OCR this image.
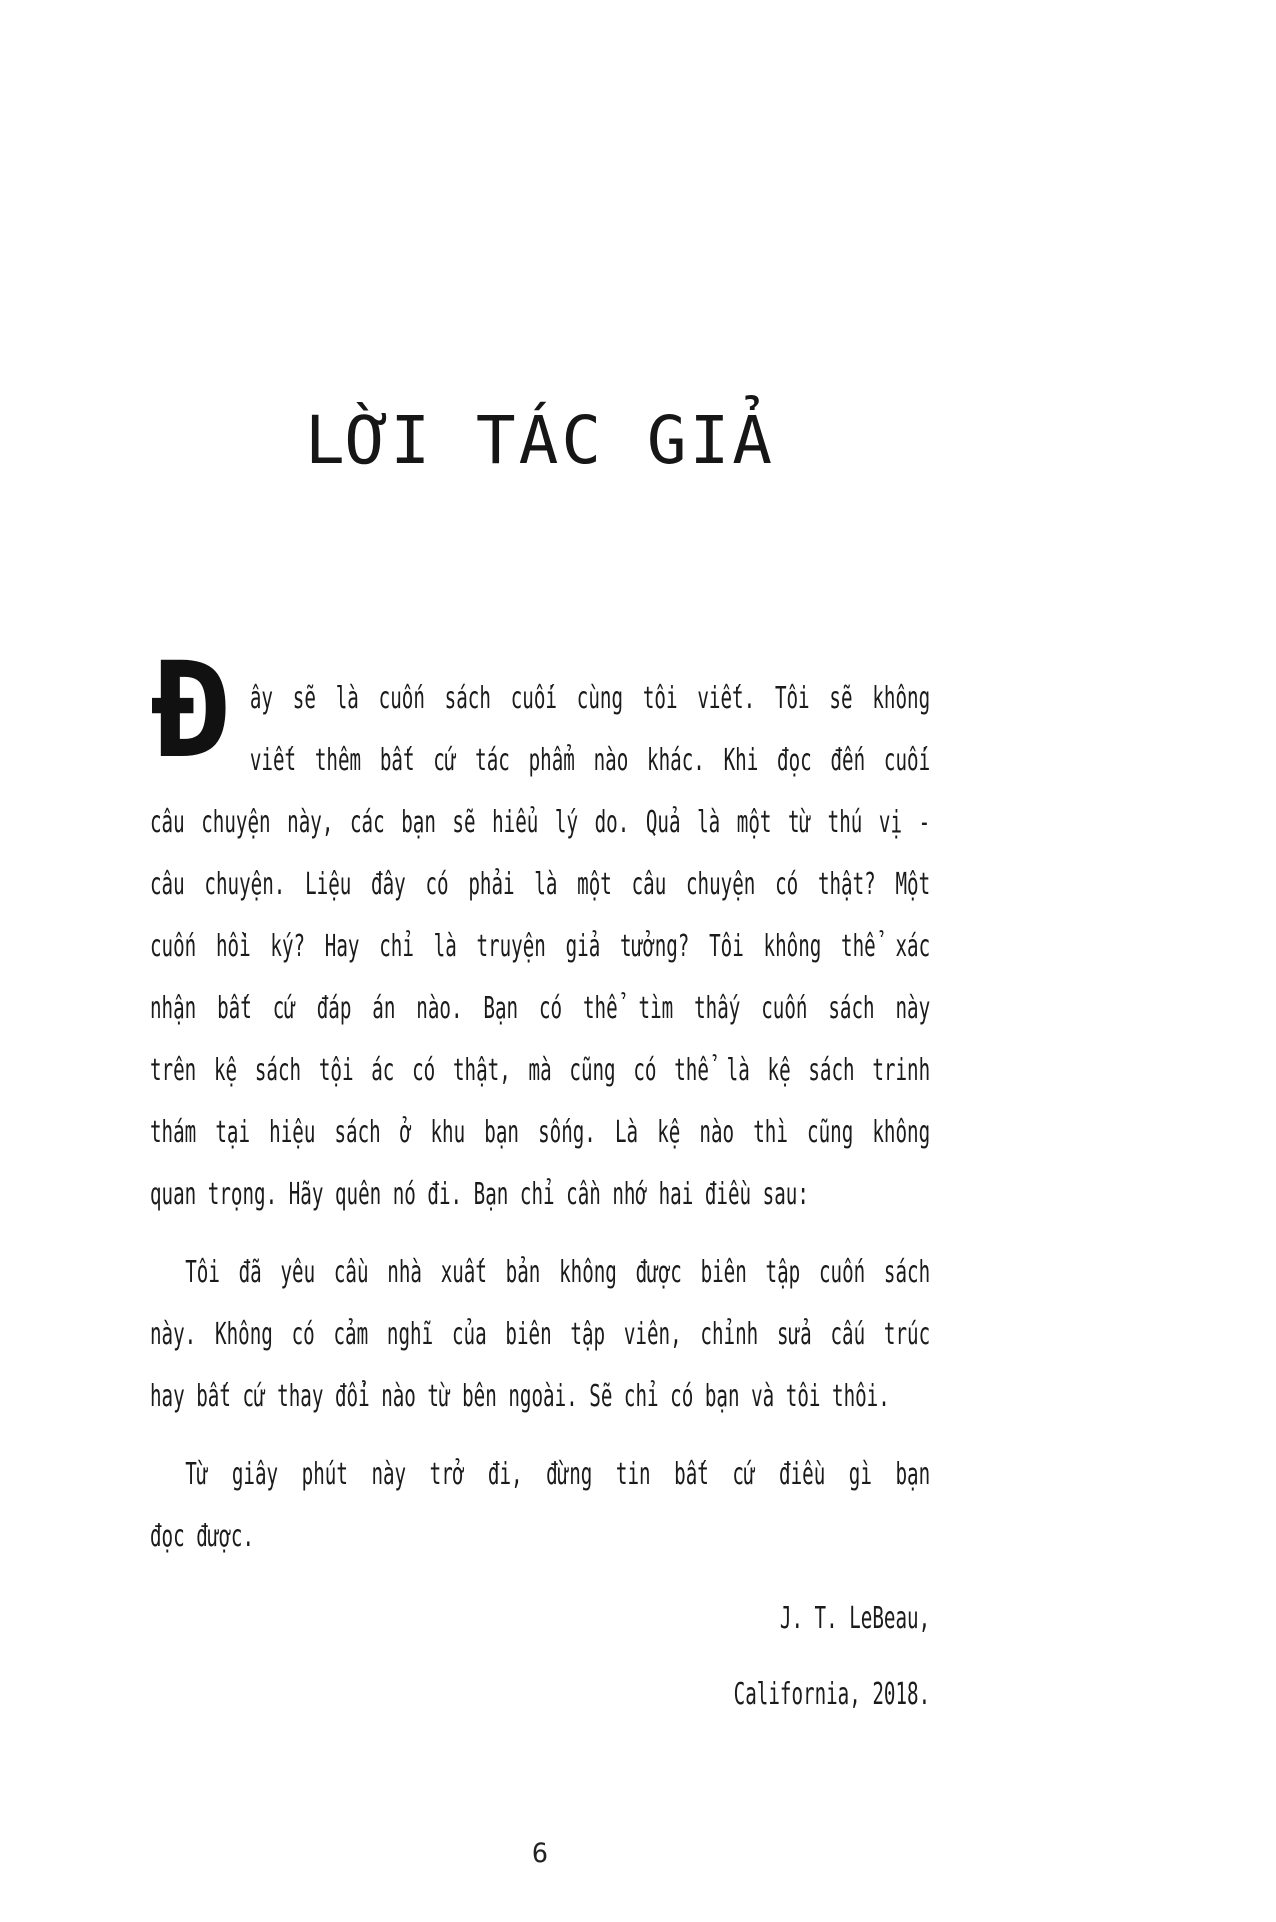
LỜI TÁC GIẢ
Đ ây sẽ là cuốn sách cuối cùng tôi viết. Tôi sẽ không
viết thêm bất cứ tác phẩm nào khác. Khi đọc đến cuối
câu chuyện này, các bạn sẽ hiểu lý do. Quả là một từ thú vị -
câu chuyện. Liệu đây có phải là một câu chuyện có thật? Một
cuốn hồi ký? Hay chỉ là truyện giả tưởng? Tôi không thể xác
nhận bất cứ đáp án nào. Bạn có thể tìm thấy cuốn sách này
trên kệ sách tội ác có thật, mà cũng có thể là kệ sách trinh
thám tại hiệu sách ở khu bạn sống. Là kệ nào thì cũng không
quan trọng. Hãy quên nó đi. Bạn chỉ cần nhớ hai điều sau:
Tôi đã yêu cầu nhà xuất bản không được biên tập cuốn sách
này. Không có cảm nghĩ của biên tập viên, chỉnh sửa cấu trúc
hay bất cứ thay đổi nào từ bên ngoài. Sẽ chỉ có bạn và tôi thôi.
Từ giây phút này trở đi, đừng tin bất cứ điều gì bạn
đọc được.
J. T. LeBeau,
California, 2018.
6
